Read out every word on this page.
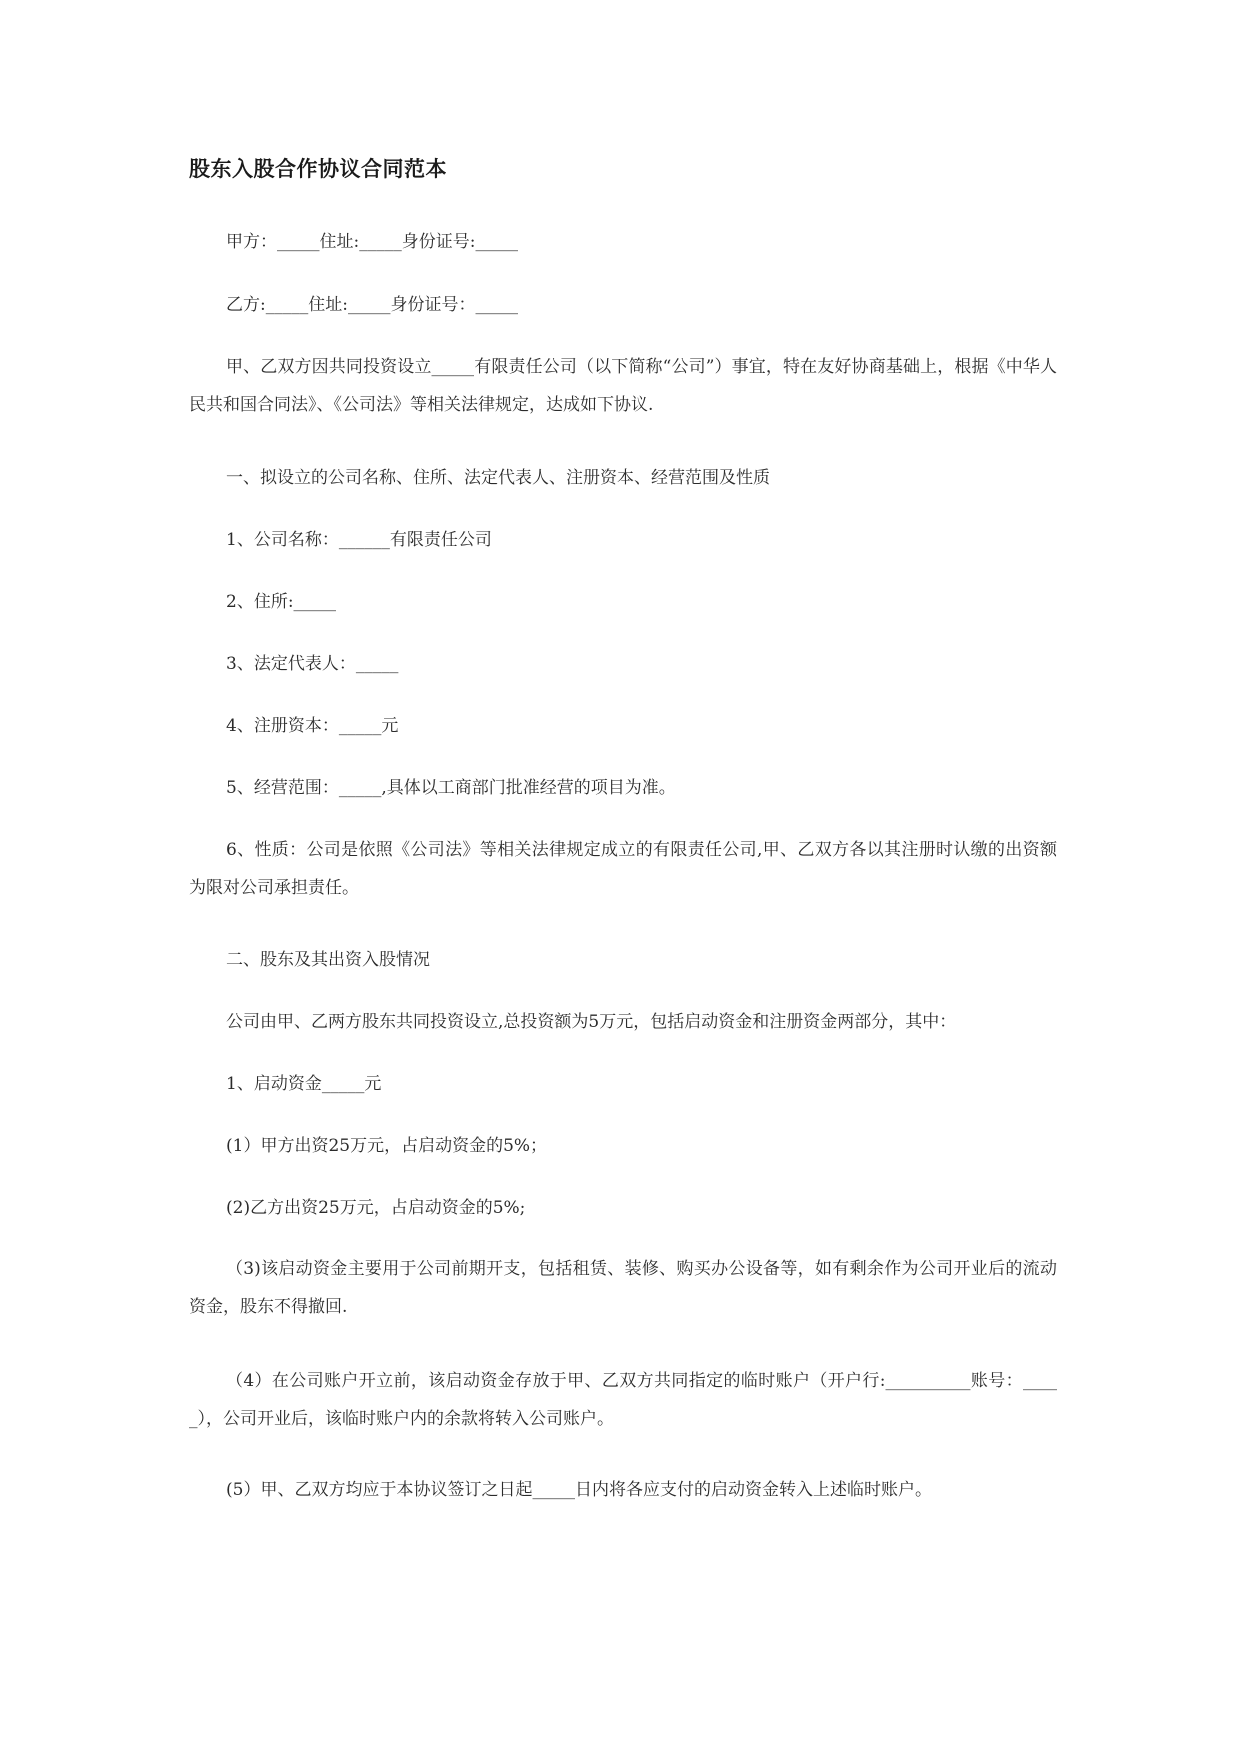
股东入股合作协议合同范本
甲方：_____住址:_____身份证号:_____
乙方:_____住址:_____身份证号：_____
甲、乙双方因共同投资设立_____有限责任公司（以下简称“公司”）事宜，特在友好协商基础上，根据《中华人民共和国合同法》、《公司法》等相关法律规定，达成如下协议.
一、拟设立的公司名称、住所、法定代表人、注册资本、经营范围及性质
1、公司名称：______有限责任公司
2、住所:_____
3、法定代表人：_____
4、注册资本：_____元
5、经营范围：_____,具体以工商部门批准经营的项目为准。
6、性质：公司是依照《公司法》等相关法律规定成立的有限责任公司,甲、乙双方各以其注册时认缴的出资额为限对公司承担责任。
二、股东及其出资入股情况
公司由甲、乙两方股东共同投资设立,总投资额为5万元，包括启动资金和注册资金两部分，其中：
1、启动资金_____元
(1）甲方出资25万元，占启动资金的5%；
(2)乙方出资25万元，占启动资金的5%;
（3)该启动资金主要用于公司前期开支，包括租赁、装修、购买办公设备等，如有剩余作为公司开业后的流动资金，股东不得撤回.
（4）在公司账户开立前，该启动资金存放于甲、乙双方共同指定的临时账户（开户行:__________账号：_____），公司开业后，该临时账户内的余款将转入公司账户。
(5）甲、乙双方均应于本协议签订之日起_____日内将各应支付的启动资金转入上述临时账户。
